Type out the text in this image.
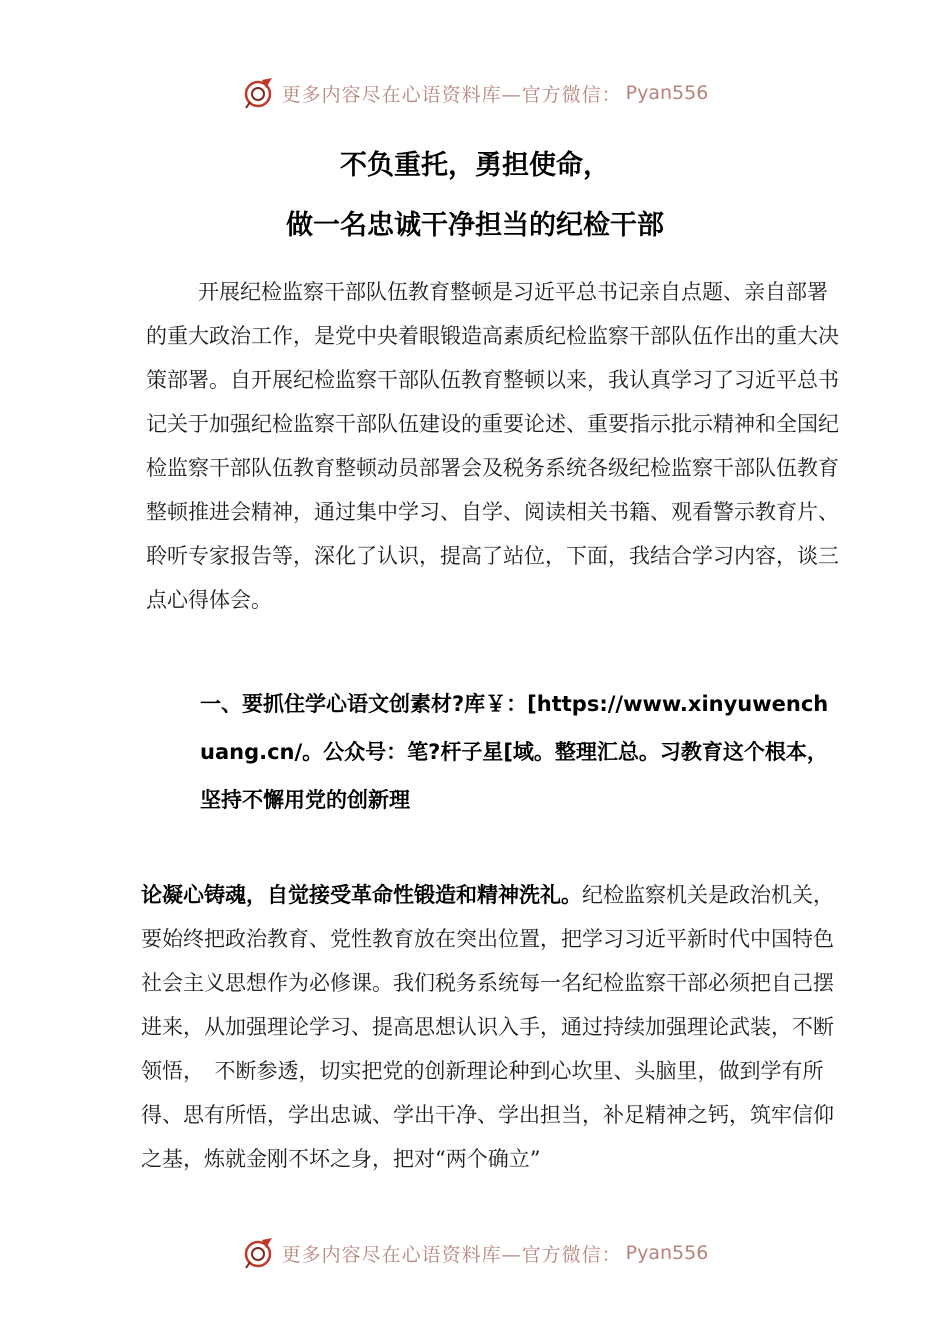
更多内容尽在心语资料库—官方微信： Pyan556
不负重托，勇担使命，
做一名忠诚干净担当的纪检干部

开展纪检监察干部队伍教育整顿是习近平总书记亲自点题、亲自部署的重大政治工作，是党中央着眼锻造高素质纪检监察干部队伍作出的重大决策部署。自开展纪检监察干部队伍教育整顿以来，我认真学习了习近平总书记关于加强纪检监察干部队伍建设的重要论述、重要指示批示精神和全国纪检监察干部队伍教育整顿动员部署会及税务系统各级纪检监察干部队伍教育整顿推进会精神，通过集中学习、自学、阅读相关书籍、观看警示教育片、聆听专家报告等，深化了认识，提高了站位，下面，我结合学习内容，谈三点心得体会。

一、要抓住学心语文创素材?库￥：[https://www.xinyuwenchuang.cn/。公众号：笔?杆子星[域。整理汇总。习教育这个根本，坚持不懈用党的创新理

论凝心铸魂，自觉接受革命性锻造和精神洗礼。纪检监察机关是政治机关，要始终把政治教育、党性教育放在突出位置，把学习习近平新时代中国特色社会主义思想作为必修课。我们税务系统每一名纪检监察干部必须把自己摆进来，从加强理论学习、提高思想认识入手，通过持续加强理论武装，不断领悟，　不断参透，切实把党的创新理论种到心坎里、头脑里，做到学有所得、思有所悟，学出忠诚、学出干净、学出担当，补足精神之钙，筑牢信仰之基，炼就金刚不坏之身，把对“两个确立”

更多内容尽在心语资料库—官方微信： Pyan556
